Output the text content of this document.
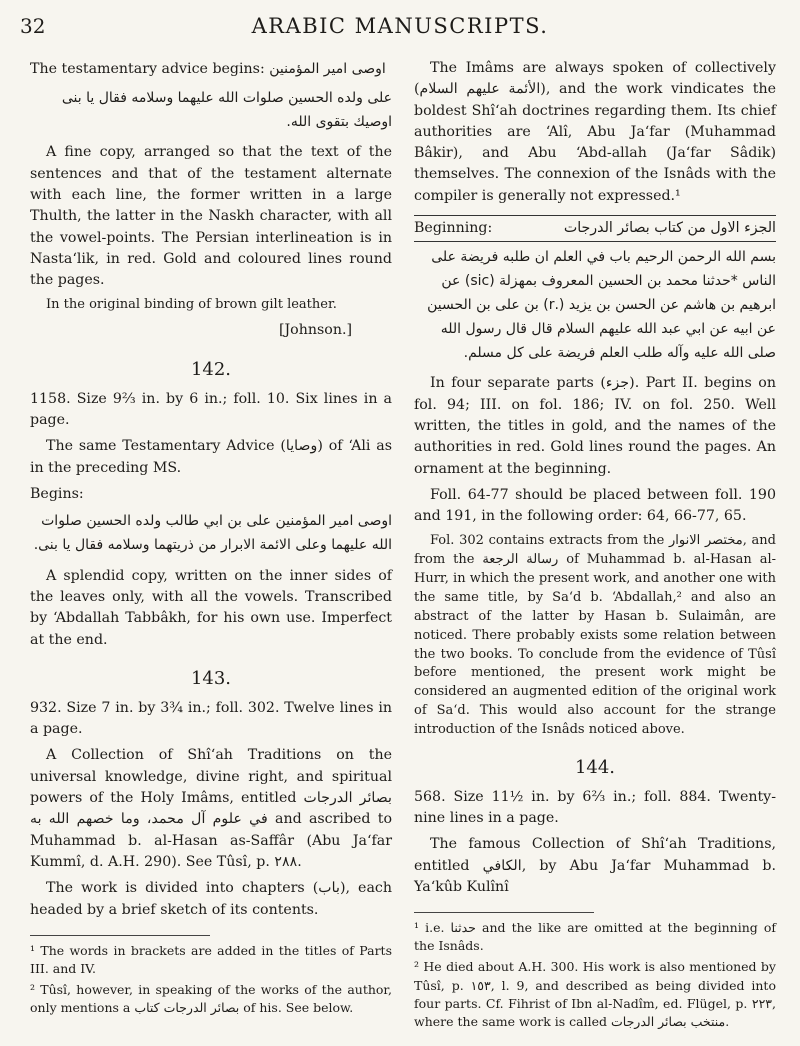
32	ARABIC MANUSCRIPTS.

The testamentary advice begins: اوصى امير المؤمنين

على ولده الحسين صلوات الله عليهما وسلامه فقال يا بنى اوصيك بتقوى الله.

A fine copy, arranged so that the text of the sentences and that of the testament alternate with each line, the former written in a large Thulth, the latter in the Naskh character, with all the vowel-points. The Persian interlineation is in Nasta‘lik, in red. Gold and coloured lines round the pages.

In the original binding of brown gilt leather.

[Johnson.]

142.

1158. Size 9⅔ in. by 6 in.; foll. 10. Six lines in a page.

The same Testamentary Advice (وصايا) of ‘Ali as in the preceding MS.

Begins:

اوصى امير المؤمنين على بن ابي طالب ولده الحسين صلوات الله عليهما وعلى الائمة الابرار من ذريتهما وسلامه فقال يا بنى.

A splendid copy, written on the inner sides of the leaves only, with all the vowels. Transcribed by ‘Abdallah Tabbâkh, for his own use. Imperfect at the end.

143.

932. Size 7 in. by 3¾ in.; foll. 302. Twelve lines in a page.

A Collection of Shî‘ah Traditions on the universal knowledge, divine right, and spiritual powers of the Holy Imâms, entitled بصائر الدرجات في علوم آل محمد، وما خصهم الله به and ascribed to Muhammad b. al-Hasan as-Saffâr (Abu Ja‘far Kummî, d. A.H. 290). See Tûsî, p. ٢٨٨.

The work is divided into chapters (باب), each headed by a brief sketch of its contents.

¹ The words in brackets are added in the titles of Parts III. and IV.

² Tûsî, however, in speaking of the works of the author, only mentions a بصائر الدرجات كتاب of his. See below.

The Imâms are always spoken of collectively (الأئمة عليهم السلام), and the work vindicates the boldest Shî‘ah doctrines regarding them. Its chief authorities are ‘Alî, Abu Ja‘far (Muhammad Bâkir), and Abu ‘Abd-allah (Ja‘far Sâdik) themselves. The connexion of the Isnâds with the compiler is generally not expressed.¹

Beginning:	الجزء الاول من كتاب بصائر الدرجات

بسم الله الرحمن الرحيم باب في العلم ان طلبه فريضة على الناس *حدثنا محمد بن الحسين المعروف بمهزلة (sic) عن ابرهيم بن هاشم عن الحسن بن يزيد (.r) بن على بن الحسين عن ابيه عن ابي عبد الله عليهم السلام قال قال رسول الله صلى الله عليه وآله طلب العلم فريضة على كل مسلم.

In four separate parts (جزء). Part II. begins on fol. 94; III. on fol. 186; IV. on fol. 250. Well written, the titles in gold, and the names of the authorities in red. Gold lines round the pages. An ornament at the beginning.

Foll. 64-77 should be placed between foll. 190 and 191, in the following order: 64, 66-77, 65.

Fol. 302 contains extracts from the مختصر الانوار, and from the رسالة الرجعة of Muhammad b. al-Hasan al-Hurr, in which the present work, and another one with the same title, by Sa‘d b. ‘Abdallah,² and also an abstract of the latter by Hasan b. Sulaimân, are noticed. There probably exists some relation between the two books. To conclude from the evidence of Tûsî before mentioned, the present work might be considered an augmented edition of the original work of Sa‘d. This would also account for the strange introduction of the Isnâds noticed above.

144.

568. Size 11½ in. by 6⅔ in.; foll. 884. Twenty-nine lines in a page.

The famous Collection of Shî‘ah Traditions, entitled الكافي, by Abu Ja‘far Muhammad b. Ya‘kûb Kulînî

¹ i.e. حدثنا and the like are omitted at the beginning of the Isnâds.

² He died about A.H. 300. His work is also mentioned by Tûsî, p. ١٥٣, l. 9, and described as being divided into four parts. Cf. Fihrist of Ibn al-Nadîm, ed. Flügel, p. ٢٢٣, where the same work is called منتخب بصائر الدرجات.
